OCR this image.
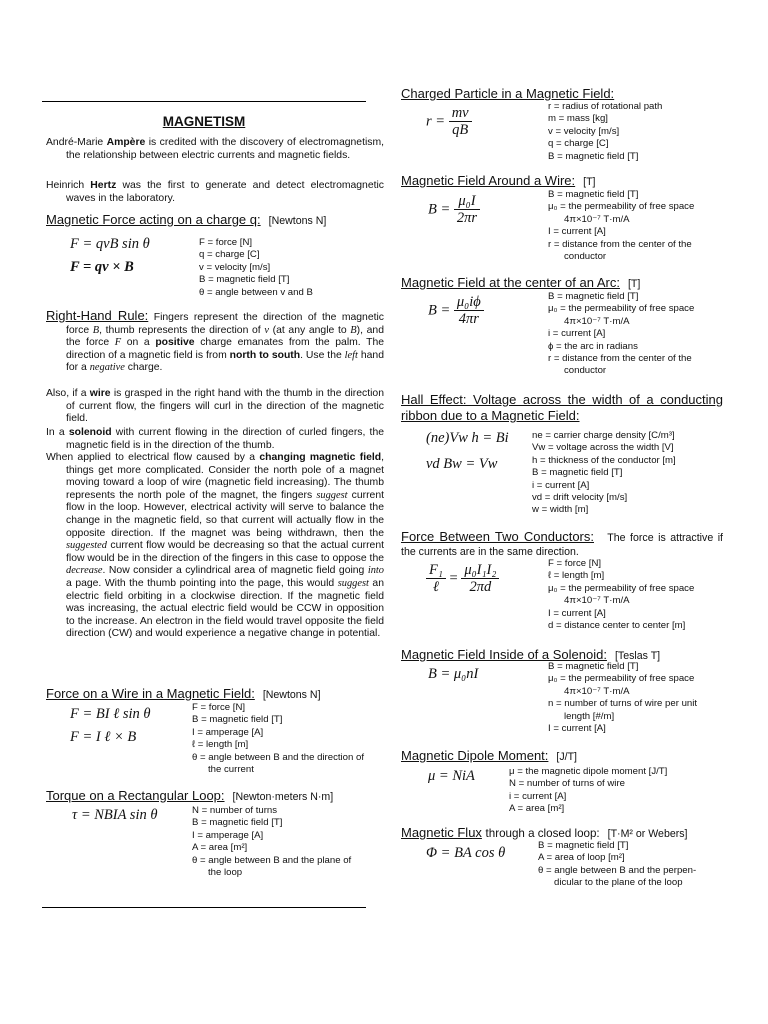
MAGNETISM
André-Marie Ampère is credited with the discovery of electromagnetism, the relationship between electric currents and magnetic fields.
Heinrich Hertz was the first to generate and detect electromagnetic waves in the laboratory.
Magnetic Force acting on a charge q: [Newtons N]
F = qvB sin θ
F = qv × B
F = force [N]
q = charge [C]
v = velocity [m/s]
B = magnetic field [T]
θ = angle between v and B
Right-Hand Rule: Fingers represent the direction of the magnetic force B, thumb represents the direction of v (at any angle to B), and the force F on a positive charge emanates from the palm. The direction of a magnetic field is from north to south. Use the left hand for a negative charge.
Also, if a wire is grasped in the right hand with the thumb in the direction of current flow, the fingers will curl in the direction of the magnetic field.
In a solenoid with current flowing in the direction of curled fingers, the magnetic field is in the direction of the thumb.
When applied to electrical flow caused by a changing magnetic field, things get more complicated. Consider the north pole of a magnet moving toward a loop of wire (magnetic field increasing). The thumb represents the north pole of the magnet, the fingers suggest current flow in the loop. However, electrical activity will serve to balance the change in the magnetic field, so that current will actually flow in the opposite direction. If the magnet was being withdrawn, then the suggested current flow would be decreasing so that the actual current flow would be in the direction of the fingers in this case to oppose the decrease. Now consider a cylindrical area of magnetic field going into a page. With the thumb pointing into the page, this would suggest an electric field orbiting in a clockwise direction. If the magnetic field was increasing, the actual electric field would be CCW in opposition to the increase. An electron in the field would travel opposite the field direction (CW) and would experience a negative change in potential.
Force on a Wire in a Magnetic Field: [Newtons N]
F = BI ℓ sin θ
F = I ℓ × B
F = force [N]
B = magnetic field [T]
I = amperage [A]
ℓ = length [m]
θ = angle between B and the direction of the current
Torque on a Rectangular Loop: [Newton·meters N·m]
τ = NBIA sin θ	N = number of turns
B = magnetic field [T]
I = amperage [A]
A = area [m²]
θ = angle between B and the plane of the loop
Charged Particle in a Magnetic Field:
$r = \frac{mv}{qB}$	r = radius of rotational path
m = mass [kg]
v = velocity [m/s]
q = charge [C]
B = magnetic field [T]
Magnetic Field Around a Wire: [T]
$B = \frac{\text{μ₀I}}{2\pi r}$	B = magnetic field [T]
μ₀ = the permeability of free space 4π×10⁻⁷ T·m/A
I = current [A]
r = distance from the center of the conductor
Magnetic Field at the center of an Arc: [T]
$B = \frac{\text{μ₀iϕ}}{4\pi r}$	B = magnetic field [T]
μ₀ = the permeability of free space 4π×10⁻⁷ T·m/A
i = current [A]
ϕ = the arc in radians
r = distance from the center of the conductor
Hall Effect: Voltage across the width of a conducting ribbon due to a Magnetic Field:
(ne)Vw h = Bi
vd Bw = Vw
ne = carrier charge density [C/m³]
Vw = voltage across the width [V]
h = thickness of the conductor [m]
B = magnetic field [T]
i = current [A]
vd = drift velocity [m/s]
w = width [m]
Force Between Two Conductors: The force is attractive if the currents are in the same direction.
$\frac{\text{F₁}}{\text{ℓ}} = \frac{\text{μ₀I₁I₂}}{2\pi d}$	F = force [N]
ℓ = length [m]
μ₀ = the permeability of free space 4π×10⁻⁷ T·m/A
I = current [A]
d = distance center to center [m]
Magnetic Field Inside of a Solenoid: [Teslas T]
B = μ₀nI	B = magnetic field [T]
μ₀ = the permeability of free space 4π×10⁻⁷ T·m/A
n = number of turns of wire per unit length [#/m]
I = current [A]
Magnetic Dipole Moment: [J/T]
μ = NiA	μ = the magnetic dipole moment [J/T]
N = number of turns of wire
i = current [A]
A = area [m²]
Magnetic Flux through a closed loop: [T·M² or Webers]
Φ = BA cos θ	B = magnetic field [T]
A = area of loop [m²]
θ = angle between B and the perpen-dicular to the plane of the loop
